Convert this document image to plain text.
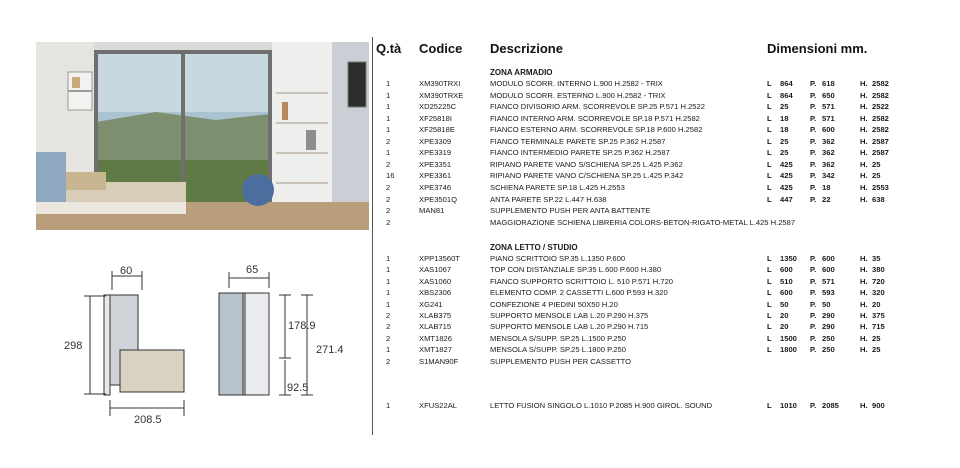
60
298
208.5
65
178.9
271.4
92.5
Q.tà Codice Descrizione	Dimensioni mm.
ZONA ARMADIO
1	XM390TRXI	MODULO SCORR. INTERNO L.900 H.2582 - TRIX	L 864 P. 618	H. 2582
1	XM390TRXE	MODULO SCORR. ESTERNO L.900 H.2582 - TRIX	L 864 P. 650	H. 2582
1	XD25225C	FIANCO DIVISORIO ARM. SCORREVOLE SP.25 P.571 H.2522	L 25	P. 571	H. 2522
1	XF25818I	FIANCO INTERNO ARM. SCORREVOLE SP.18 P.571 H.2582	L 18	P. 571	H. 2582
1	XF25818E	FIANCO ESTERNO ARM. SCORREVOLE SP.18 P.600 H.2582	L 18	P. 600	H. 2582
2	XPE3309	FIANCO TERMINALE PARETE SP.25 P.362 H.2587	L 25	P. 362	H. 2587
1	XPE3319	FIANCO INTERMEDIO PARETE SP.25 P.362 H.2587	L 25	P. 362	H. 2587
2	XPE3351	RIPIANO PARETE VANO S/SCHIENA SP.25 L.425 P.362	L 425 P. 362	H. 25
16	XPE3361	RIPIANO PARETE VANO C/SCHIENA SP.25 L.425 P.342	L 425 P. 342	H. 25
2	XPE3746	SCHIENA PARETE SP.18 L.425 H.2553	L 425 P. 18	H. 2553
2	XPE3501Q	ANTA PARETE SP.22 L.447 H.638	L 447 P. 22	H. 638
2	MAN81	SUPPLEMENTO PUSH PER ANTA BATTENTE
2	MAGGIORAZIONE SCHIENA LIBRERIA COLORS-BETON-RIGATO-METAL L.425 H.2587
ZONA LETTO / STUDIO
1	XPP13560T	PIANO SCRITTOIO SP.35 L.1350 P.600	L 1350 P. 600	H. 35
1	XAS1067	TOP CON DISTANZIALE SP.35 L.600 P.600 H.380	L 600 P. 600	H. 380
1	XAS1060	FIANCO SUPPORTO SCRITTOIO L. 510 P.571 H.720	L 510 P. 571	H. 720
1	XBS2306	ELEMENTO COMP. 2 CASSETTI L.600 P.593 H.320	L 600 P. 593	H. 320
1	XG241	CONFEZIONE 4 PIEDINI 50X50 H.20	L 50	P. 50	H. 20
2	XLAB375	SUPPORTO MENSOLE LAB L.20 P.290 H.375	L 20	P. 290	H. 375
2	XLAB715	SUPPORTO MENSOLE LAB L.20 P.290 H.715	L 20	P. 290	H. 715
2	XMT1826	MENSOLA S/SUPP. SP.25 L.1500 P.250	L 1500 P. 250	H. 25
1	XMT1827	MENSOLA S/SUPP. SP.25 L.1800 P.250	L 1800 P. 250	H. 25
2	S1MAN90F	SUPPLEMENTO PUSH PER CASSETTO
1	XFUS22AL	LETTO FUSION SINGOLO L.1010 P.2085 H.900 GIROL. SOUND	L 1010 P. 2085	H. 900
